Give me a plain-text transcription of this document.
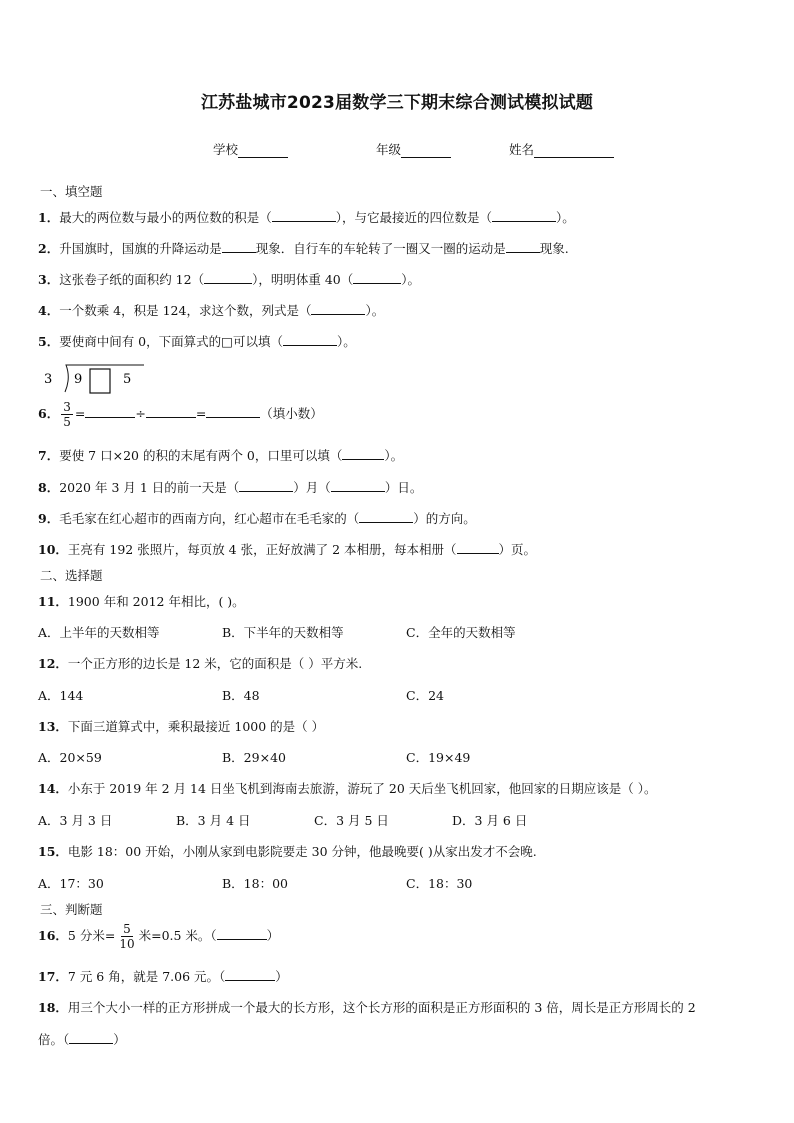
江苏盐城市2023届数学三下期末综合测试模拟试题
学校	年级	姓名
一、填空题
1．最大的两位数与最小的两位数的积是（	），与它最接近的四位数是（	）。
2．升国旗时，国旗的升降运动是	现象．自行车的车轮转了一圈又一圈的运动是	现象.
3．这张卷子纸的面积约 12（	），明明体重 40（	）。
4．一个数乘 4，积是 124，求这个数，列式是（	）。
5．要使商中间有 0，下面算式的□可以填（	）。
3 9	5
6． $\frac{3}{5}$ =	÷	=	（填小数）
7．要使 7 口×20 的积的末尾有两个 0，口里可以填（	）。
8．2020 年 3 月 1 日的前一天是（	）月（	）日。
9．毛毛家在红心超市的西南方向，红心超市在毛毛家的（	）的方向。
10．王亮有 192 张照片，每页放 4 张，正好放满了 2 本相册，每本相册（	）页。
二、选择题
11．1900 年和 2012 年相比，( )。
A．上半年的天数相等	B．下半年的天数相等	C．全年的天数相等
12．一个正方形的边长是 12 米，它的面积是（ ）平方米.
A．144	B．48	C．24
13．下面三道算式中，乘积最接近 1000 的是（ ）
A．20×59	B．29×40	C．19×49
14．小东于 2019 年 2 月 14 日坐飞机到海南去旅游，游玩了 20 天后坐飞机回家，他回家的日期应该是（ ）。
A．3 月 3 日	B．3 月 4 日	C．3 月 5 日	D．3 月 6 日
15．电影 18：00 开始，小刚从家到电影院要走 30 分钟，他最晚要( )从家出发才不会晚.
A．17：30	B．18：00	C．18：30
三、判断题
16．5 分米= $\frac{5}{10}$ 米=0.5 米。（	）
17．7 元 6 角，就是 7.06 元。（	）
18．用三个大小一样的正方形拼成一个最大的长方形，这个长方形的面积是正方形面积的 3 倍，周长是正方形周长的 2
倍。（	）
